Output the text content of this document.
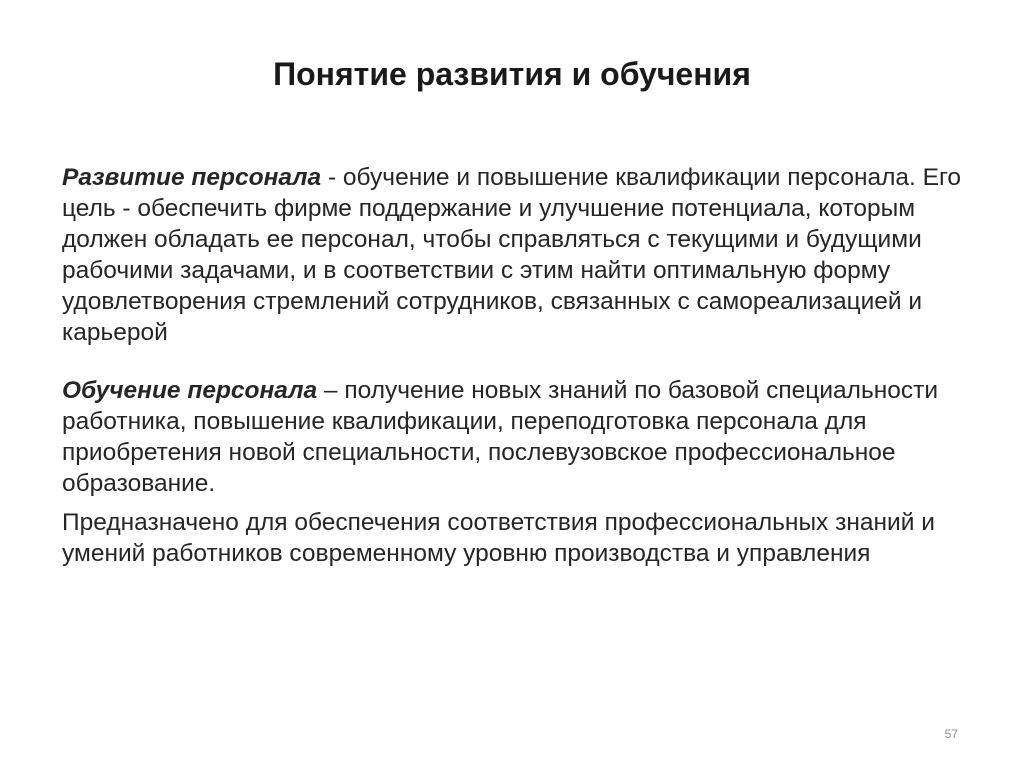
Понятие развития и обучения

Развитие персонала - обучение и повышение квалификации персонала. Его цель - обеспечить фирме поддержание и улучшение потенциала, которым должен обладать ее персонал, чтобы справляться с текущими и будущими рабочими задачами, и в соответствии с этим найти оптимальную форму удовлетворения стремлений сотрудников, связанных с самореализацией и карьерой

Обучение персонала – получение новых знаний по базовой специальности работника, повышение квалификации, переподготовка персонала для приобретения новой специальности, послевузовское профессиональное образование.

Предназначено для обеспечения соответствия профессиональных знаний и умений работников современному уровню производства и управления

57
